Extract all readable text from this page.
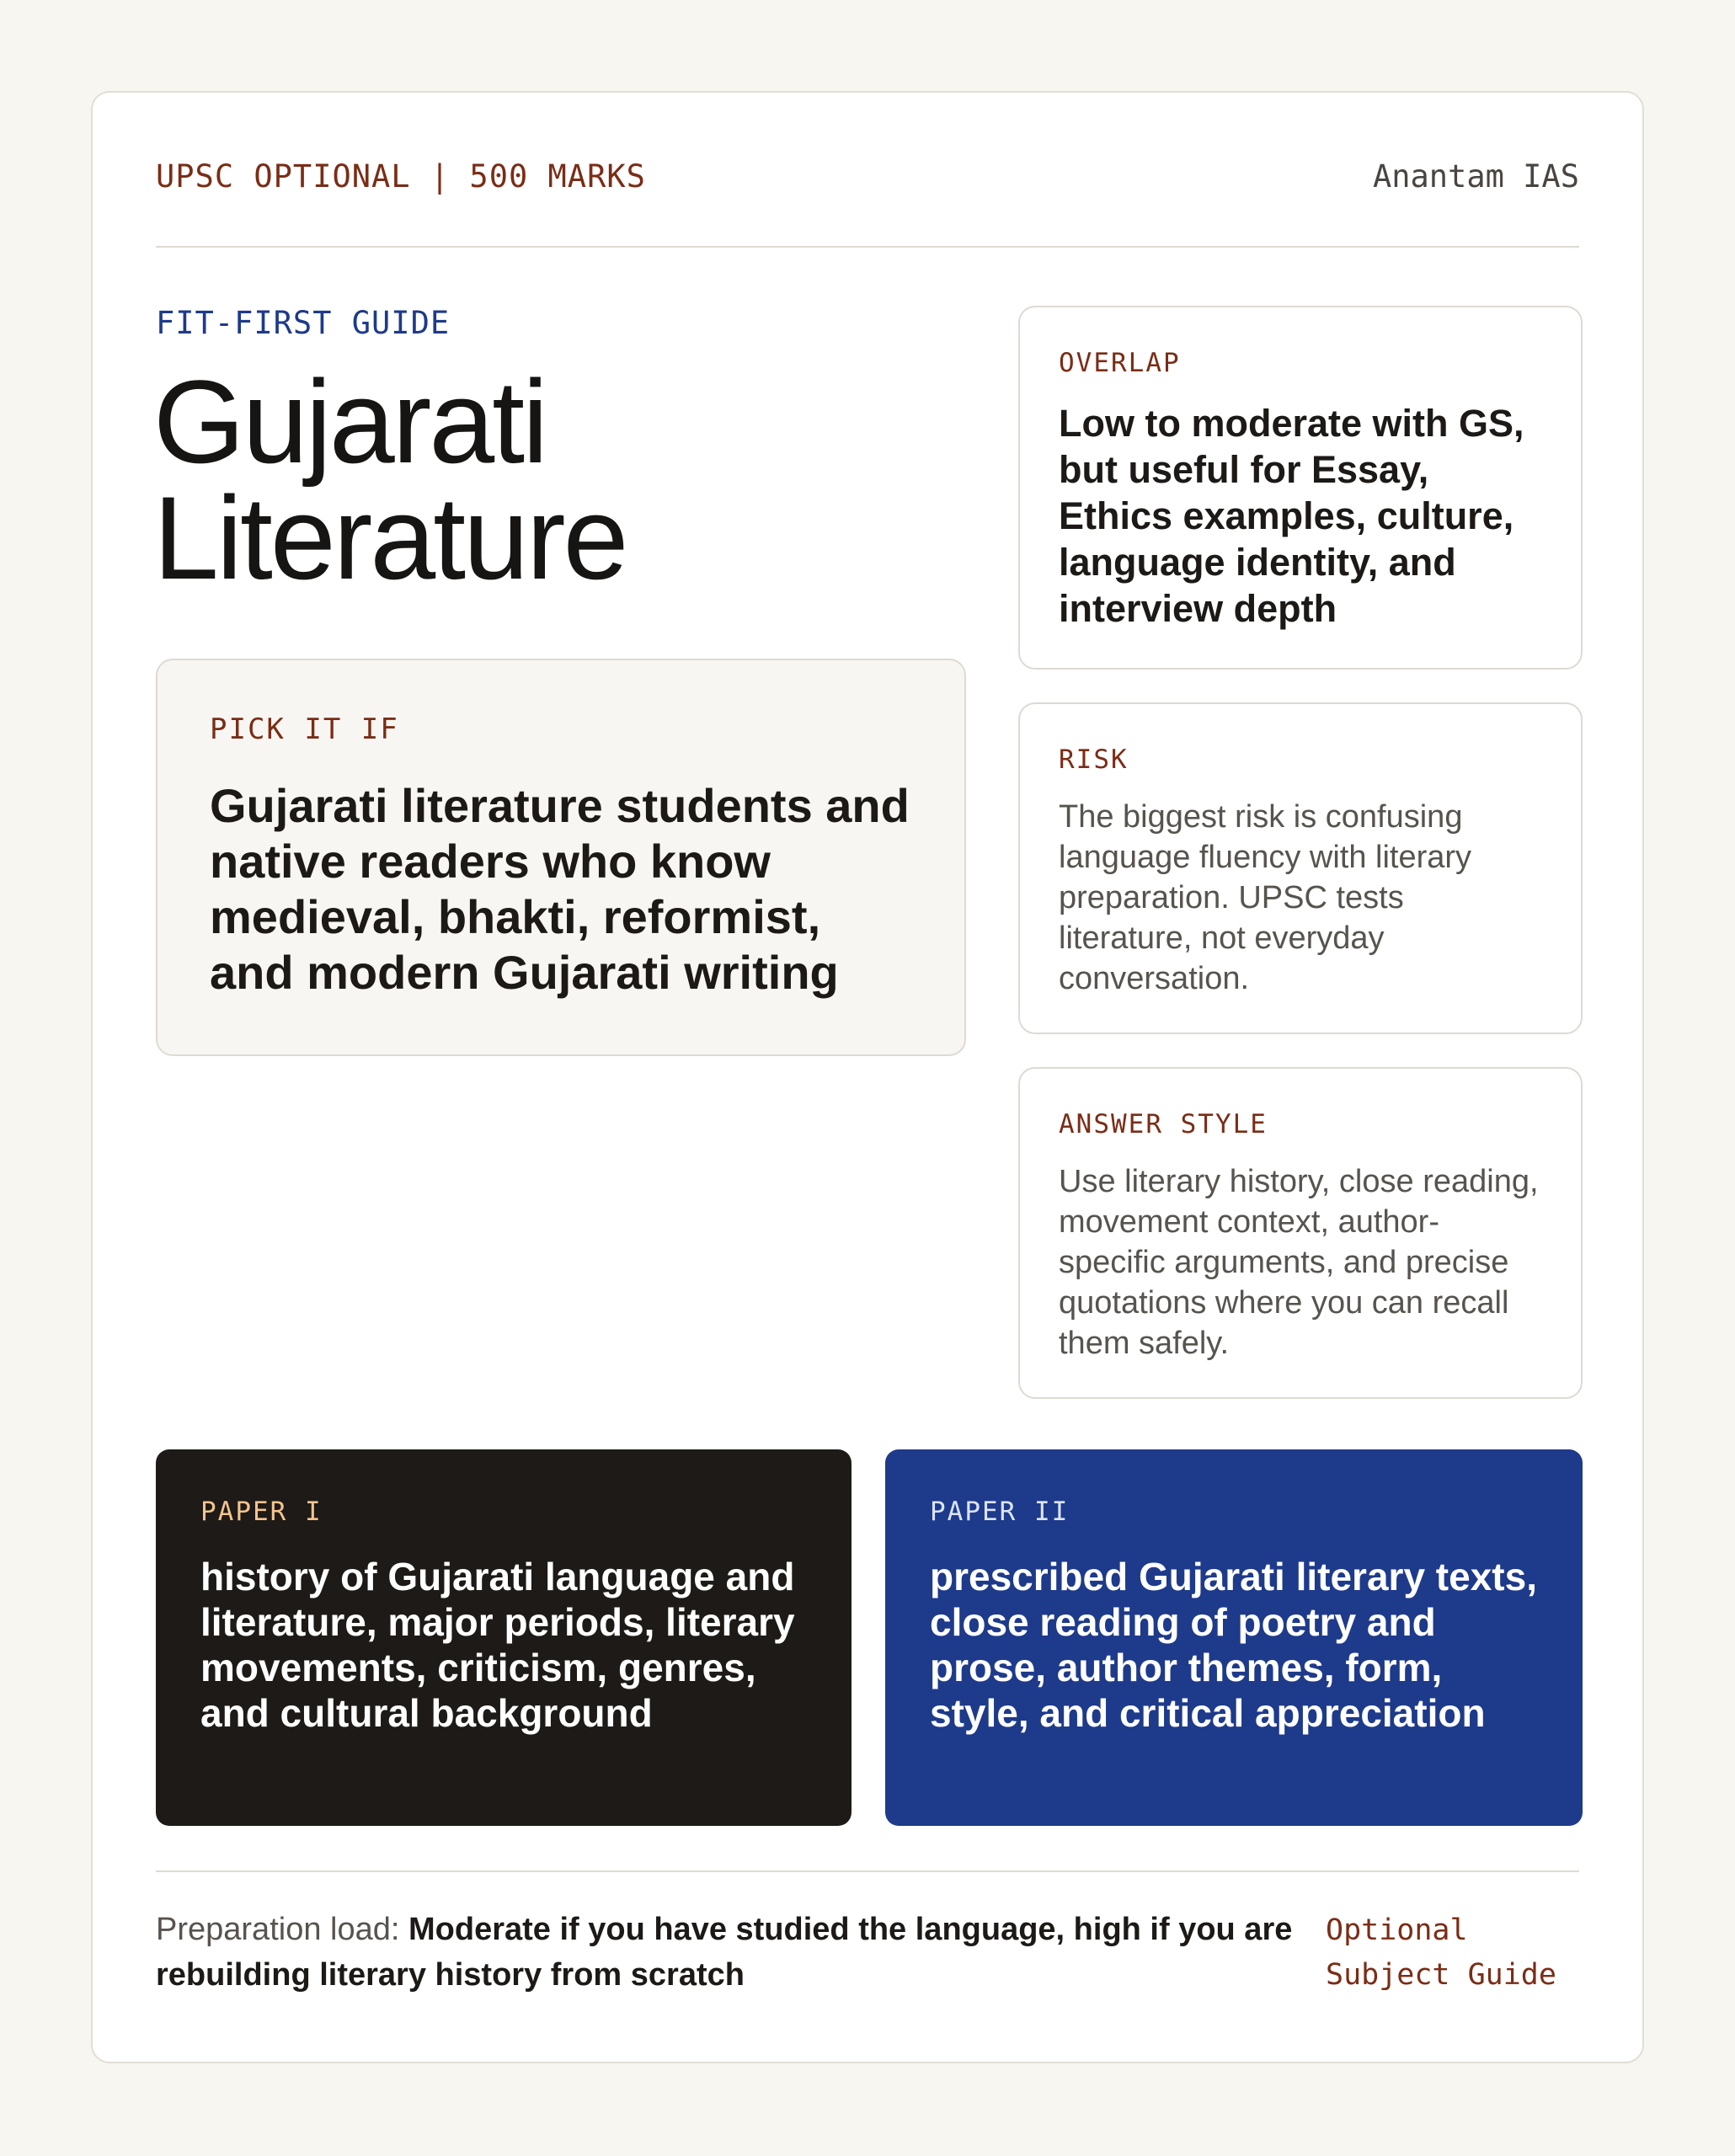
UPSC OPTIONAL | 500 MARKS	Anantam IAS
FIT-FIRST GUIDE
Gujarati
Literature
PICK IT IF
Gujarati literature students and native readers who know medieval, bhakti, reformist, and modern Gujarati writing
OVERLAP
Low to moderate with GS, but useful for Essay, Ethics examples, culture, language identity, and interview depth
RISK
The biggest risk is confusing language fluency with literary preparation. UPSC tests literature, not everyday conversation.
ANSWER STYLE
Use literary history, close reading, movement context, author-specific arguments, and precise quotations where you can recall them safely.
PAPER I
history of Gujarati language and literature, major periods, literary movements, criticism, genres, and cultural background
PAPER II
prescribed Gujarati literary texts, close reading of poetry and prose, author themes, form, style, and critical appreciation
Preparation load: Moderate if you have studied the language, high if you are rebuilding literary history from scratch
Optional
Subject Guide
